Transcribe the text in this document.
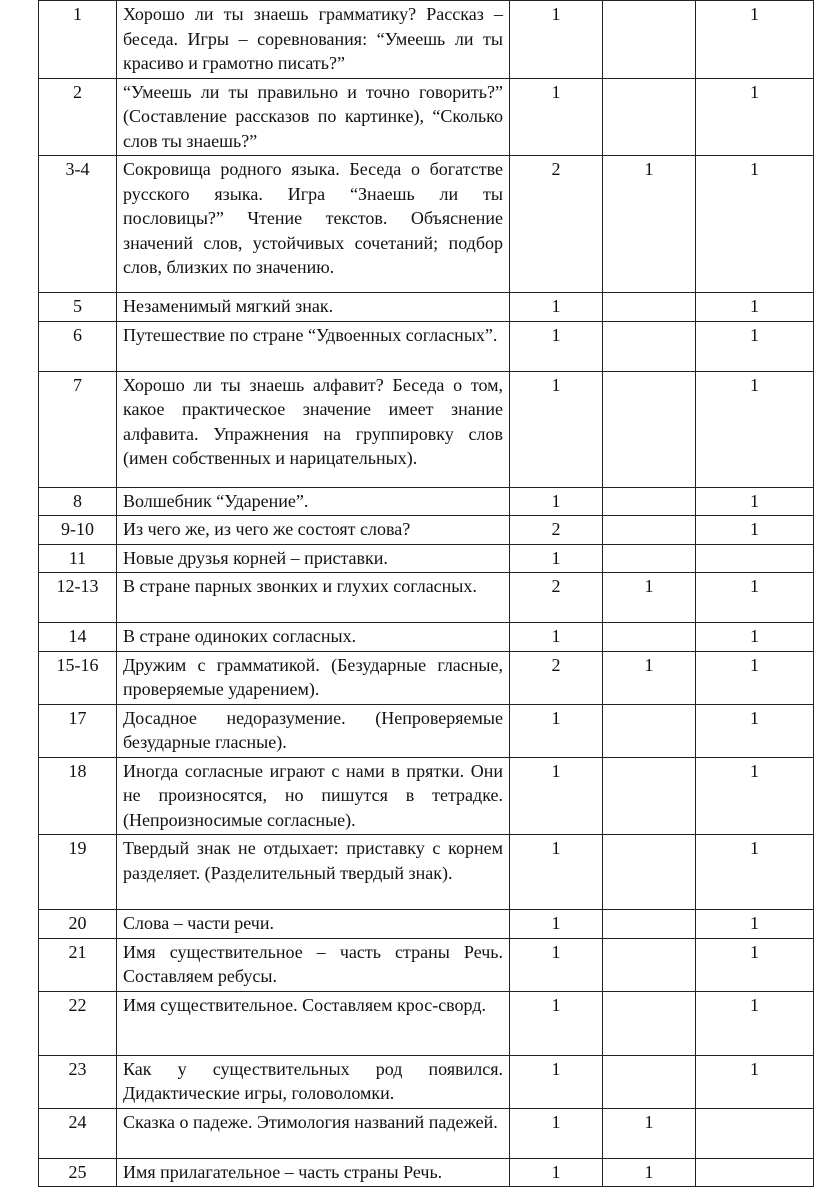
1	Хорошо ли ты знаешь грамматику? Рассказ – беседа. Игры – соревнования: “Умеешь ли ты красиво и грамотно писать?”	1		1
2	“Умеешь ли ты правильно и точно говорить?” (Составление рассказов по картинке), “Сколько слов ты знаешь?”	1		1
3-4	Сокровища родного языка. Беседа о богатстве русского языка. Игра “Знаешь ли ты пословицы?” Чтение текстов. Объяснение значений слов, устойчивых сочетаний; подбор слов, близких по значению.	2	1	1
5	Незаменимый мягкий знак.	1		1
6	Путешествие по стране “Удвоенных согласных”.	1		1
7	Хорошо ли ты знаешь алфавит? Беседа о том, какое практическое значение имеет знание алфавита. Упражнения на группировку слов (имен собственных и нарицательных).	1		1
8	Волшебник “Ударение”.	1		1
9-10	Из чего же, из чего же состоят слова?	2		1
11	Новые друзья корней – приставки.	1		
12-13	В стране парных звонких и глухих согласных.	2	1	1
14	В стране одиноких согласных.	1		1
15-16	Дружим с грамматикой. (Безударные гласные, проверяемые ударением).	2	1	1
17	Досадное недоразумение. (Непроверяемые безударные гласные).	1		1
18	Иногда согласные играют с нами в прятки. Они не произносятся, но пишутся в тетрадке. (Непроизносимые согласные).	1		1
19	Твердый знак не отдыхает: приставку с корнем разделяет. (Разделительный твердый знак).	1		1
20	Слова – части речи.	1		1
21	Имя существительное – часть страны Речь. Составляем ребусы.	1		1
22	Имя существительное. Составляем крос-сворд.	1		1
23	Как у существительных род появился. Дидактические игры, головоломки.	1		1
24	Сказка о падеже. Этимология названий падежей.	1	1	
25	Имя прилагательное – часть страны Речь.	1	1	
